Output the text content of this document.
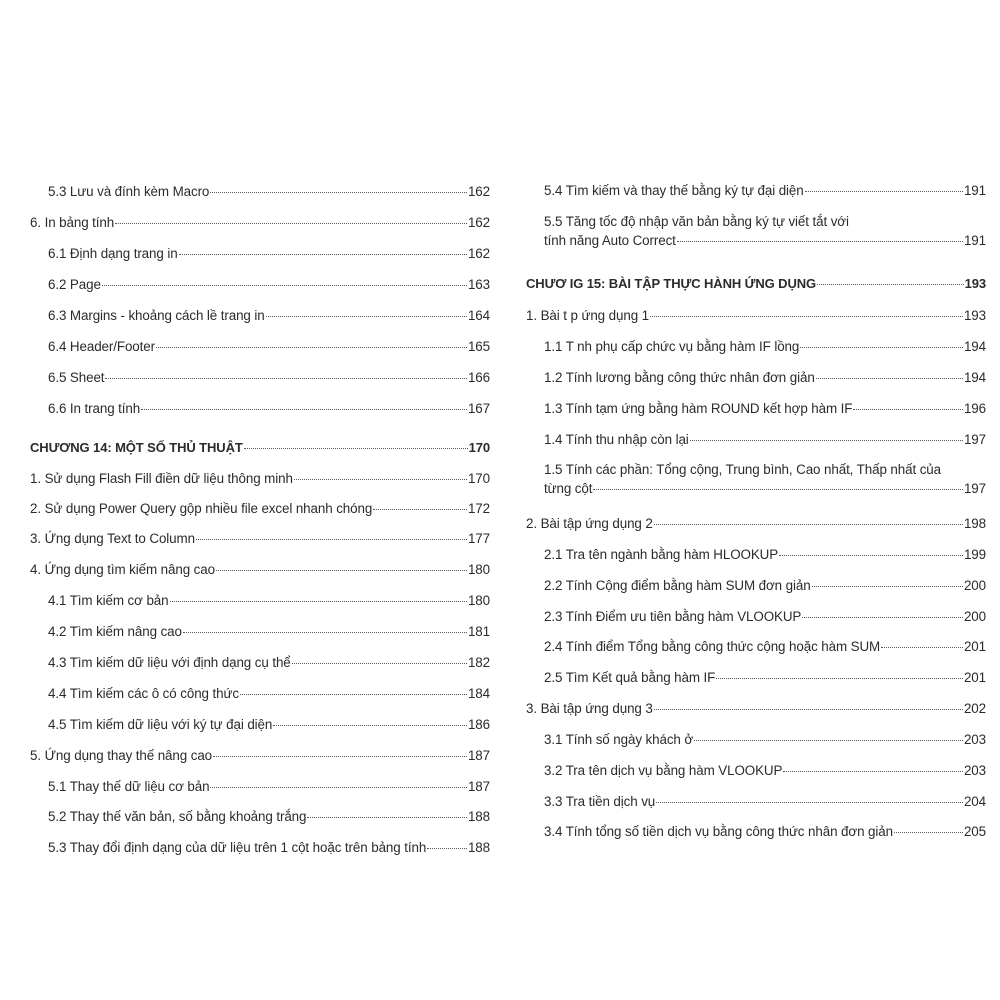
5.3 Lưu và đính kèm Macro	162
6. In bảng tính	162
6.1 Định dạng trang in	162
6.2 Page	163
6.3 Margins - khoảng cách lề trang in	164
6.4 Header/Footer	165
6.5 Sheet	166
6.6 In trang tính	167
CHƯƠNG 14: MỘT SỐ THỦ THUẬT	170
1. Sử dụng Flash Fill điền dữ liệu thông minh	170
2. Sử dụng Power Query gộp nhiều file excel nhanh chóng	172
3. Ứng dụng Text to Column	177
4. Ứng dụng tìm kiếm nâng cao	180
4.1 Tìm kiếm cơ bản	180
4.2 Tìm kiếm nâng cao	181
4.3 Tìm kiếm dữ liệu với định dạng cụ thể	182
4.4 Tìm kiếm các ô có công thức	184
4.5 Tìm kiếm dữ liệu với ký tự đại diện	186
5. Ứng dụng thay thế nâng cao	187
5.1 Thay thế dữ liệu cơ bản	187
5.2 Thay thế văn bản, số bằng khoảng trắng	188
5.3 Thay đổi định dạng của dữ liệu trên 1 cột hoặc trên bảng tính	188
5.4 Tìm kiếm và thay thế bằng ký tự đại diện	191
5.5 Tăng tốc độ nhập văn bản bằng ký tự viết tắt với
tính năng Auto Correct	191
CHƯƠ IG 15: BÀI TẬP THỰC HÀNH ỨNG DỤNG	193
1. Bài t p ứng dụng 1	193
1.1 T nh phụ cấp chức vụ bằng hàm IF lồng	194
1.2 Tính lương bằng công thức nhân đơn giản	194
1.3 Tính tạm ứng bằng hàm ROUND kết hợp hàm IF	196
1.4 Tính thu nhập còn lại	197
1.5 Tính các phần: Tổng cộng, Trung bình, Cao nhất, Thấp nhất của
từng cột	197
2. Bài tập ứng dụng 2	198
2.1 Tra tên ngành bằng hàm HLOOKUP	199
2.2 Tính Cộng điểm bằng hàm SUM đơn giản	200
2.3 Tính Điểm ưu tiên bằng hàm VLOOKUP	200
2.4 Tính điểm Tổng bằng công thức cộng hoặc hàm SUM	201
2.5 Tìm Kết quả bằng hàm IF	201
3. Bài tập ứng dụng 3	202
3.1 Tính số ngày khách ở	203
3.2 Tra tên dịch vụ bằng hàm VLOOKUP	203
3.3 Tra tiền dịch vụ	204
3.4 Tính tổng số tiền dịch vụ bằng công thức nhân đơn giản	205
